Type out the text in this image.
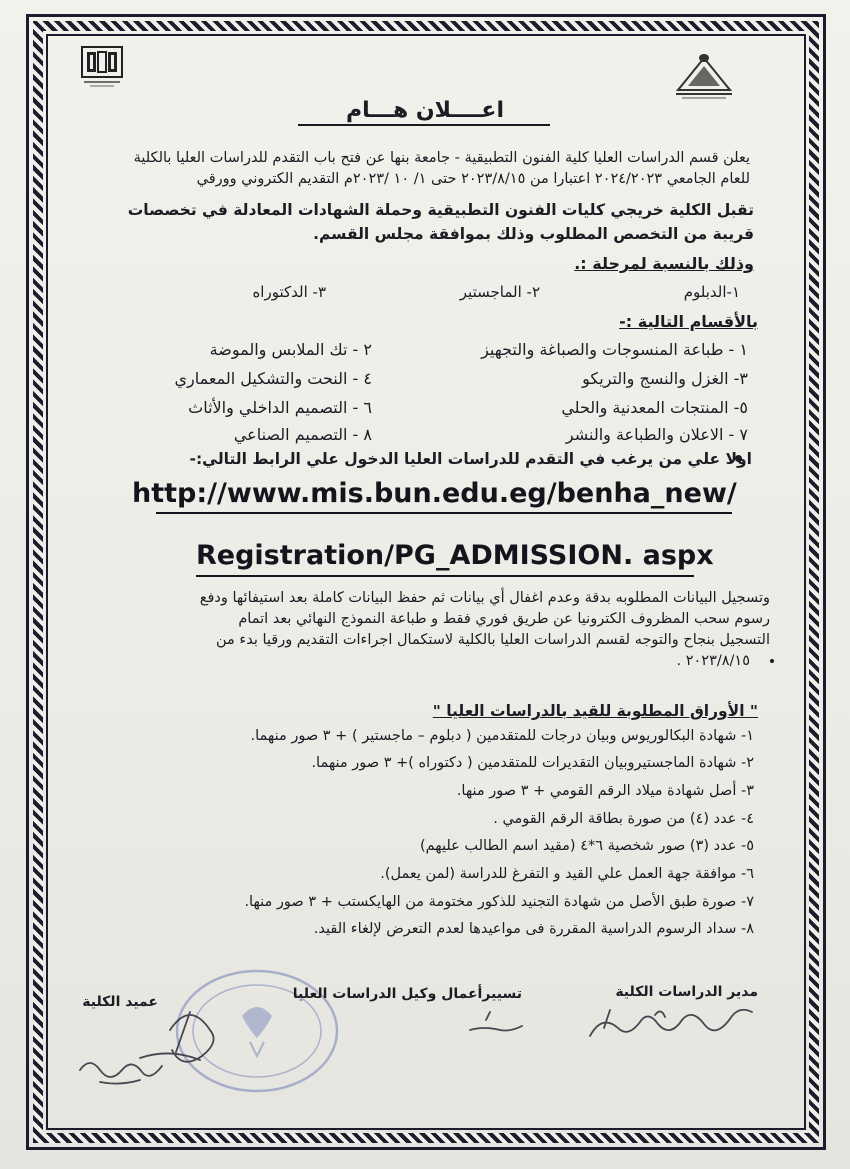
اعــــلان هـــام
يعلن قسم الدراسات العليا كلية الفنون التطبيقية - جامعة بنها عن فتح باب التقدم للدراسات العليا بالكلية للعام الجامعي ٢٠٢٤/٢٠٢٣ اعتبارا من ٢٠٢٣/٨/١٥ حتى ١/ ١٠ /٢٠٢٣م التقديم الكتروني وورقي
تقبل الكلية خريجي كليات الفنون التطبيقية وحملة الشهادات المعادلة في تخصصات قريبة من التخصص المطلوب وذلك بموافقة مجلس القسم.
وذلك بالنسبة لمرحلة :.
١-الدبلوم
٢- الماجستير
٣- الدكتوراه
بالأقسام التالية :-
١ - طباعة المنسوجات والصباغة والتجهيز
٢ - تك الملابس والموضة
٣- الغزل والنسج والتريكو
٤ - النحت والتشكيل المعماري
٥- المنتجات المعدنية والحلي
٦ - التصميم الداخلي والأثاث
٧ - الاعلان والطباعة والنشر
٨ - التصميم الصناعي
اولا علي من يرغب في التقدم للدراسات العليا الدخول علي الرابط التالي:-
http://www.mis.bun.edu.eg/benha_new/
Registration/PG_ADMISSION. aspx
وتسجيل البيانات المطلوبه بدقة وعدم اغفال أي بيانات ثم حفظ البيانات كاملة بعد استيفائها ودفع
رسوم سحب المظروف الكترونيا عن طريق فوري فقط و طباعة النموذج النهائي بعد اتمام
التسجيل بنجاح والتوجه لقسم الدراسات العليا بالكلية لاستكمال اجراءات التقديم ورقيا بدء من
٢٠٢٣/٨/١٥ .
" الأوراق المطلوبة للقيد بالدراسات العليا "
١- شهادة البكالوريوس وبيان درجات للمتقدمين ( دبلوم – ماجستير ) + ٣ صور منهما.
٢- شهادة الماجستيروبيان التقديرات للمتقدمين ( دكتوراه )+ ٣ صور منهما.
٣- أصل شهادة ميلاد الرقم القومي + ٣ صور منها.
٤- عدد (٤) من صورة بطاقة الرقم القومي .
٥- عدد (٣) صور شخصية ٦*٤ (مقيد اسم الطالب عليهم)
٦- موافقة جهة العمل علي القيد و التفرغ للدراسة (لمن يعمل).
٧- صورة طبق الأصل من شهادة التجنيد للذكور مختومة من الهايكستب + ٣ صور منها.
٨- سداد الرسوم الدراسية المقررة فى مواعيدها لعدم التعرض لإلغاء القيد.
مدير الدراسات الكلية
تسييرأعمال وكيل الدراسات العليا
عميد الكلية
